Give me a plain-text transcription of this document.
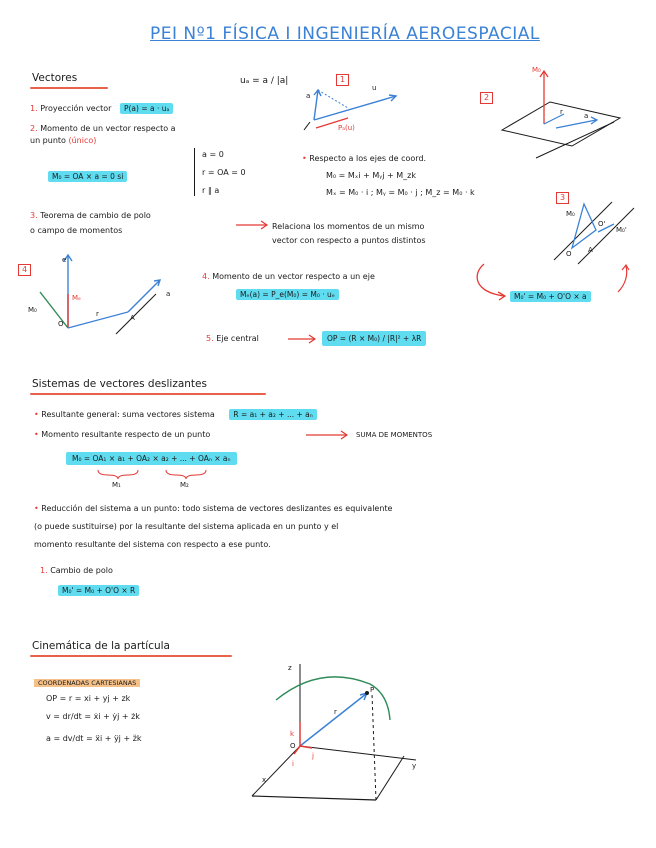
PEI Nº1 FÍSICA I INGENIERÍA AEROESPACIAL
Vectores	uₐ = a / |a|
1. Proyección vector P(a) = a · uₐ
2. Momento de un vector respecto a
un punto (único)
M₀ = OA × a = 0 si
a = 0
r = OA = 0
r ∥ a
• Respecto a los ejes de coord.
M₀ = Mₓi + Mᵧj + M_zk
Mₓ = M₀ · i ; Mᵧ = M₀ · j ; M_z = M₀ · k
3. Teorema de cambio de polo
o campo de momentos	Relaciona los momentos de un mismo
vector con respecto a puntos distintos
4. Momento de un vector respecto a un eje
Mₑ(a) = P_e(M₀) = M₀ · uₑ	M₀' = M₀ + O'O × a
5. Eje central	OP = (R × M₀) / |R|² + λR
1
2
3
4
u
a
Pₐ(u)
M₀
r	a
M₀
O
O'
A
M₀'
e
M₀
Mₑ
O
r	A
a
Sistemas de vectores deslizantes
• Resultante general: suma vectores sistema R = a₁ + a₂ + ... + aₙ
• Momento resultante respecto de un punto	SUMA DE MOMENTOS
M₀ = OA₁ × a₁ + OA₂ × a₂ + ... + OAₙ × aₙ
M₁	M₂
• Reducción del sistema a un punto: todo sistema de vectores deslizantes es equivalente
(o puede sustituirse) por la resultante del sistema aplicada en un punto y el
momento resultante del sistema con respecto a ese punto.
1. Cambio de polo
M₀' = M₀ + O'O × R
Cinemática de la partícula
COORDENADAS CARTESIANAS
OP = r = xi + yj + zk
v = dr/dt = ẋi + ẏj + żk
a = dv/dt = ẍi + ÿj + z̈k
z
y
x
O
P
r
k
j
i
